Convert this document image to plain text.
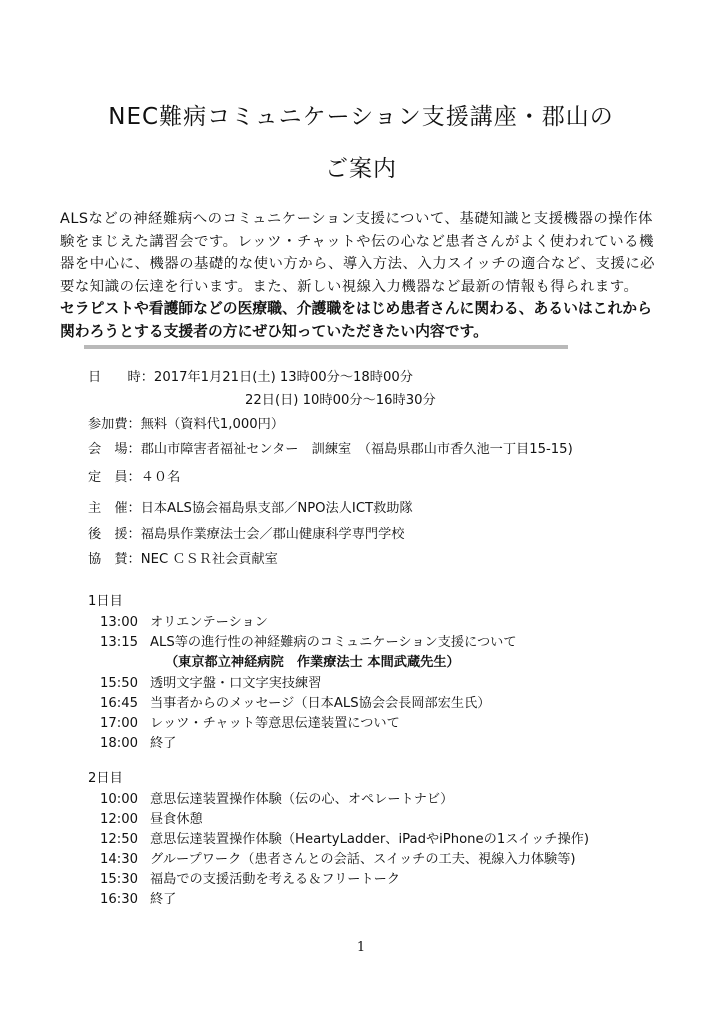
NEC難病コミュニケーション支援講座・郡山の
ご案内
ALSなどの神経難病へのコミュニケーション支援について、基礎知識と支援機器の操作体
験をまじえた講習会です。レッツ・チャットや伝の心など患者さんがよく使われている機
器を中心に、機器の基礎的な使い方から、導入方法、入力スイッチの適合など、支援に必
要な知識の伝達を行います。また、新しい視線入力機器など最新の情報も得られます。
セラピストや看護師などの医療職、介護職をはじめ患者さんに関わる、あるいはこれから
関わろうとする支援者の方にぜひ知っていただきたい内容です。
日　　時：2017年1月21日(土) 13時00分～18時00分
22日(日) 10時00分～16時30分
参加費：無料（資料代1,000円）
会　場：郡山市障害者福祉センター　訓練室　（福島県郡山市香久池一丁目15-15)
定　員：４０名
主　催：日本ALS協会福島県支部／NPO法人ICT救助隊
後　援：福島県作業療法士会／郡山健康科学専門学校
協　賛：NEC ＣＳＲ社会貢献室
1日目
13:00 オリエンテーション
13:15 ALS等の進行性の神経難病のコミュニケーション支援について
（東京都立神経病院　作業療法士 本間武蔵先生）
15:50 透明文字盤・口文字実技練習
16:45 当事者からのメッセージ（日本ALS協会会長岡部宏生氏）
17:00 レッツ・チャット等意思伝達装置について
18:00 終了
2日目
10:00 意思伝達装置操作体験（伝の心、オペレートナビ）
12:00 昼食休憩
12:50 意思伝達装置操作体験（HeartyLadder、iPadやiPhoneの1スイッチ操作)
14:30 グループワーク（患者さんとの会話、スイッチの工夫、視線入力体験等)
15:30 福島での支援活動を考える＆フリートーク
16:30 終了
1
